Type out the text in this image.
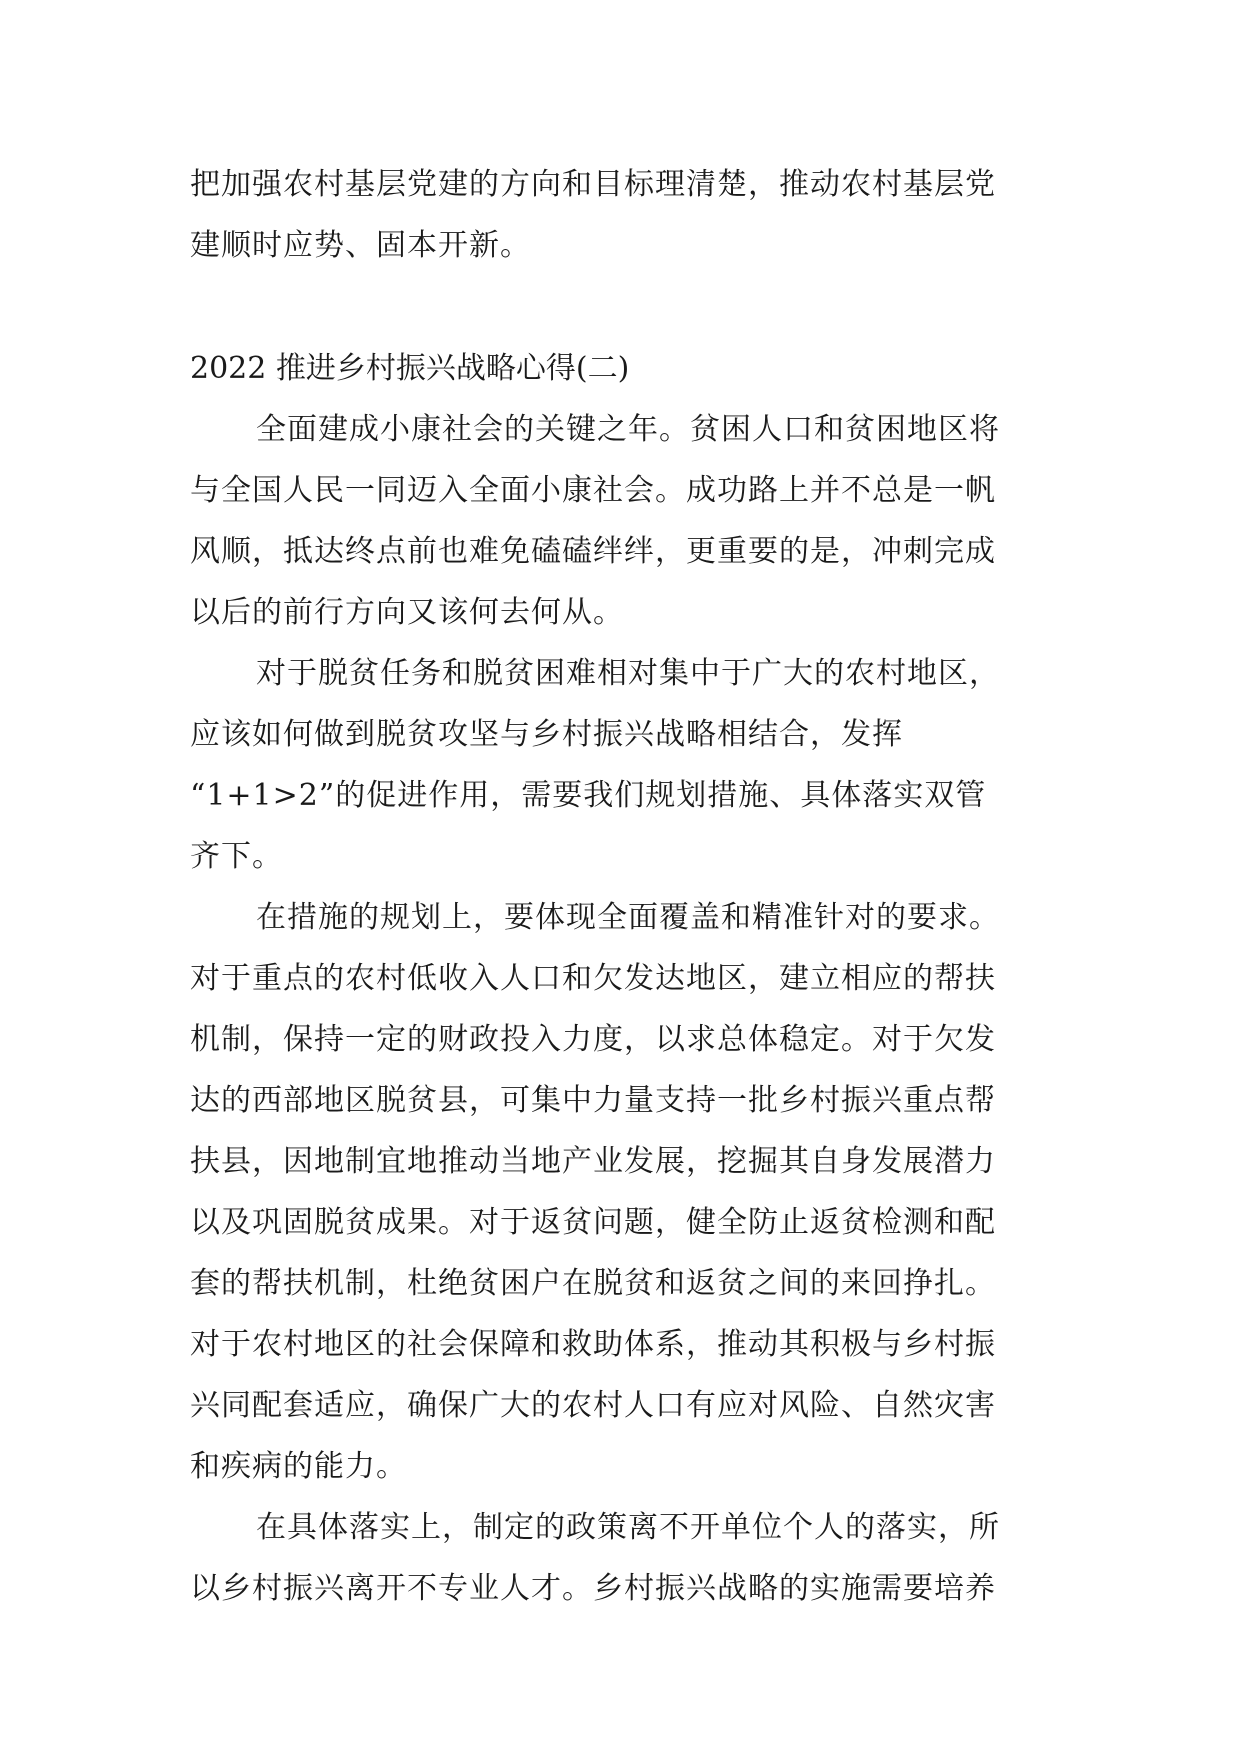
把加强农村基层党建的方向和目标理清楚，推动农村基层党
建顺时应势、固本开新。
2022 推进乡村振兴战略心得(二)
全面建成小康社会的关键之年。贫困人口和贫困地区将
与全国人民一同迈入全面小康社会。成功路上并不总是一帆
风顺，抵达终点前也难免磕磕绊绊，更重要的是，冲刺完成
以后的前行方向又该何去何从。
对于脱贫任务和脱贫困难相对集中于广大的农村地区，
应该如何做到脱贫攻坚与乡村振兴战略相结合，发挥
“1+1>2”的促进作用，需要我们规划措施、具体落实双管
齐下。
在措施的规划上，要体现全面覆盖和精准针对的要求。
对于重点的农村低收入人口和欠发达地区，建立相应的帮扶
机制，保持一定的财政投入力度，以求总体稳定。对于欠发
达的西部地区脱贫县，可集中力量支持一批乡村振兴重点帮
扶县，因地制宜地推动当地产业发展，挖掘其自身发展潜力
以及巩固脱贫成果。对于返贫问题，健全防止返贫检测和配
套的帮扶机制，杜绝贫困户在脱贫和返贫之间的来回挣扎。
对于农村地区的社会保障和救助体系，推动其积极与乡村振
兴同配套适应，确保广大的农村人口有应对风险、自然灾害
和疾病的能力。
在具体落实上，制定的政策离不开单位个人的落实，所
以乡村振兴离开不专业人才。乡村振兴战略的实施需要培养
